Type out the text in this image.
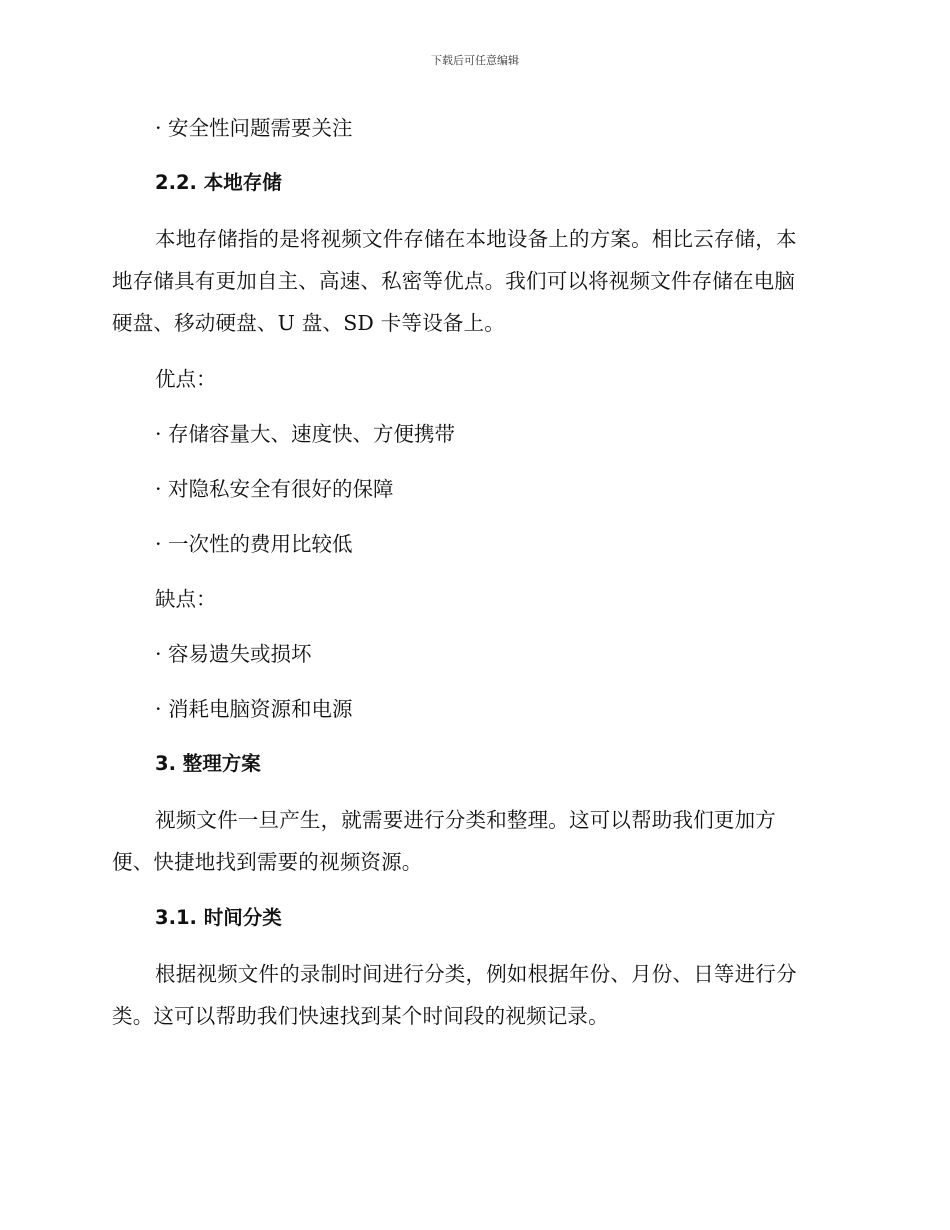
下载后可任意编辑
· 安全性问题需要关注
2.2. 本地存储
本地存储指的是将视频文件存储在本地设备上的方案。相比云存储，本
地存储具有更加自主、高速、私密等优点。我们可以将视频文件存储在电脑
硬盘、移动硬盘、U 盘、SD 卡等设备上。
优点：
· 存储容量大、速度快、方便携带
· 对隐私安全有很好的保障
· 一次性的费用比较低
缺点：
· 容易遗失或损坏
· 消耗电脑资源和电源
3. 整理方案
视频文件一旦产生，就需要进行分类和整理。这可以帮助我们更加方
便、快捷地找到需要的视频资源。
3.1. 时间分类
根据视频文件的录制时间进行分类，例如根据年份、月份、日等进行分
类。这可以帮助我们快速找到某个时间段的视频记录。
